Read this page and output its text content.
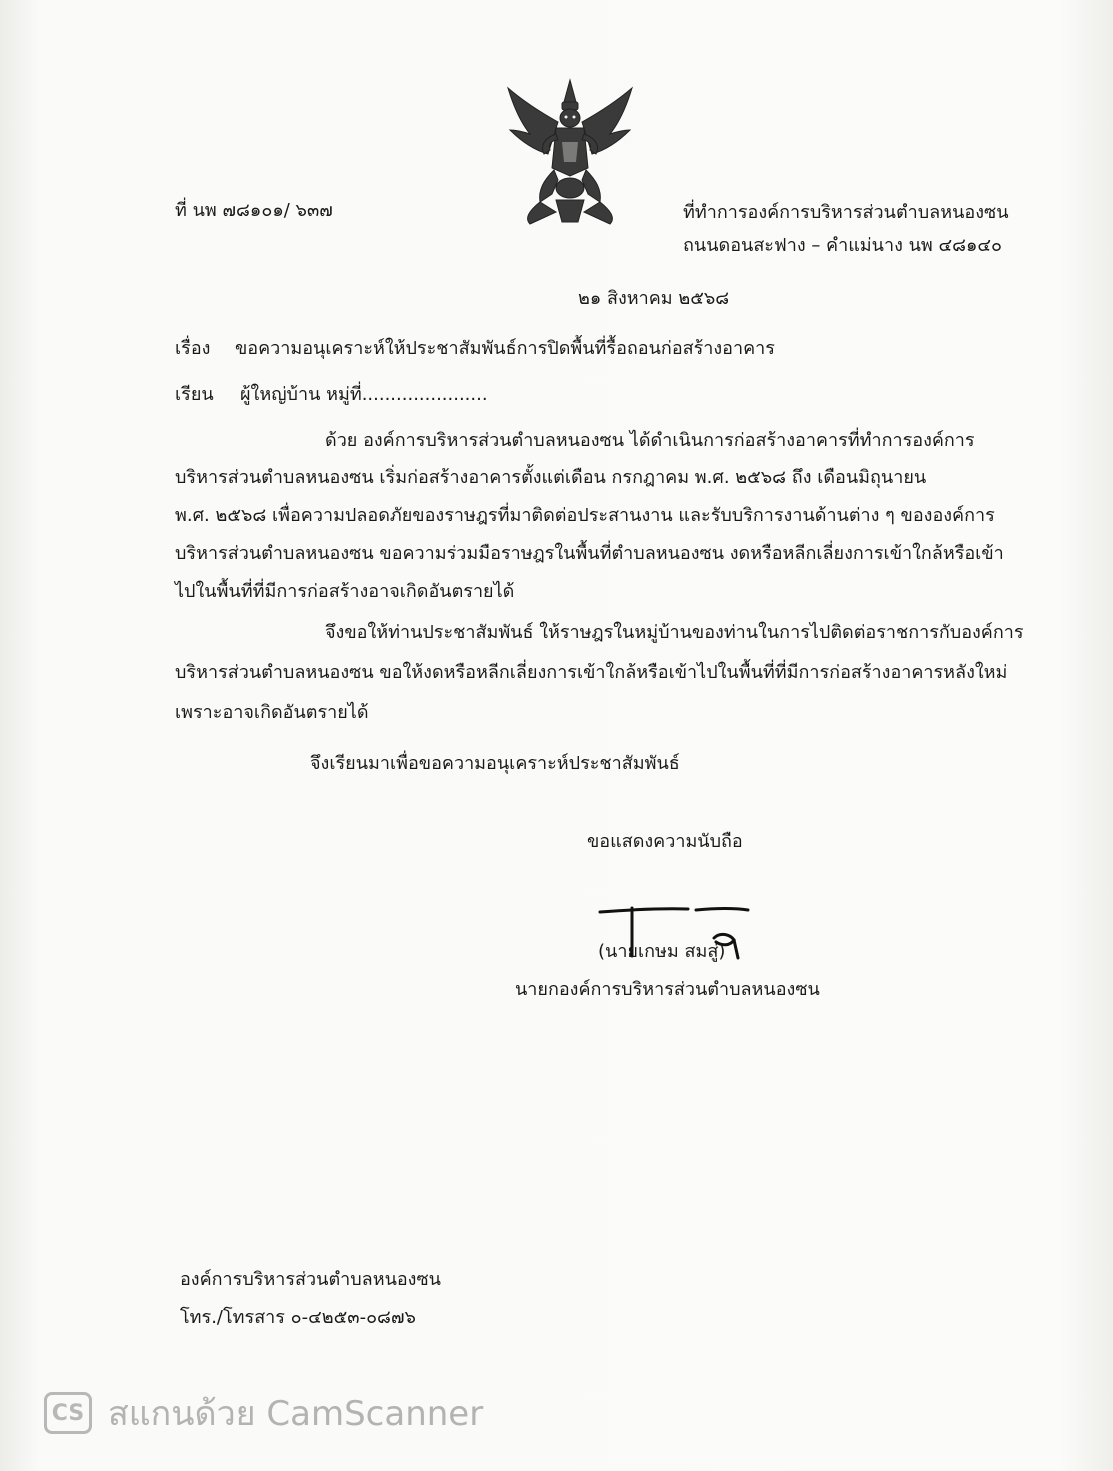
ที่ นพ ๗๘๑๐๑/ ๖๓๗	ที่ทำการองค์การบริหารส่วนตำบลหนองซน
ถนนดอนสะฟาง – คำแม่นาง นพ ๔๘๑๔๐
๒๑ สิงหาคม ๒๕๖๘
เรื่อง ขอความอนุเคราะห์ให้ประชาสัมพันธ์การปิดพื้นที่รื้อถอนก่อสร้างอาคาร
เรียน ผู้ใหญ่บ้าน หมู่ที่......................
ด้วย องค์การบริหารส่วนตำบลหนองซน ได้ดำเนินการก่อสร้างอาคารที่ทำการองค์การ
บริหารส่วนตำบลหนองซน เริ่มก่อสร้างอาคารตั้งแต่เดือน กรกฎาคม พ.ศ. ๒๕๖๘ ถึง เดือนมิถุนายน
พ.ศ. ๒๕๖๘ เพื่อความปลอดภัยของราษฎรที่มาติดต่อประสานงาน และรับบริการงานด้านต่าง ๆ ขององค์การ
บริหารส่วนตำบลหนองซน ขอความร่วมมือราษฎรในพื้นที่ตำบลหนองซน งดหรือหลีกเลี่ยงการเข้าใกล้หรือเข้า
ไปในพื้นที่ที่มีการก่อสร้างอาจเกิดอันตรายได้
จึงขอให้ท่านประชาสัมพันธ์ ให้ราษฎรในหมู่บ้านของท่านในการไปติดต่อราชการกับองค์การ
บริหารส่วนตำบลหนองซน ขอให้งดหรือหลีกเลี่ยงการเข้าใกล้หรือเข้าไปในพื้นที่ที่มีการก่อสร้างอาคารหลังใหม่
เพราะอาจเกิดอันตรายได้
จึงเรียนมาเพื่อขอความอนุเคราะห์ประชาสัมพันธ์
ขอแสดงความนับถือ
(นายเกษม สมสู่)
นายกองค์การบริหารส่วนตำบลหนองซน
องค์การบริหารส่วนตำบลหนองซน
โทร./โทรสาร ๐-๔๒๕๓-๐๘๗๖
CS สแกนด้วย CamScanner
